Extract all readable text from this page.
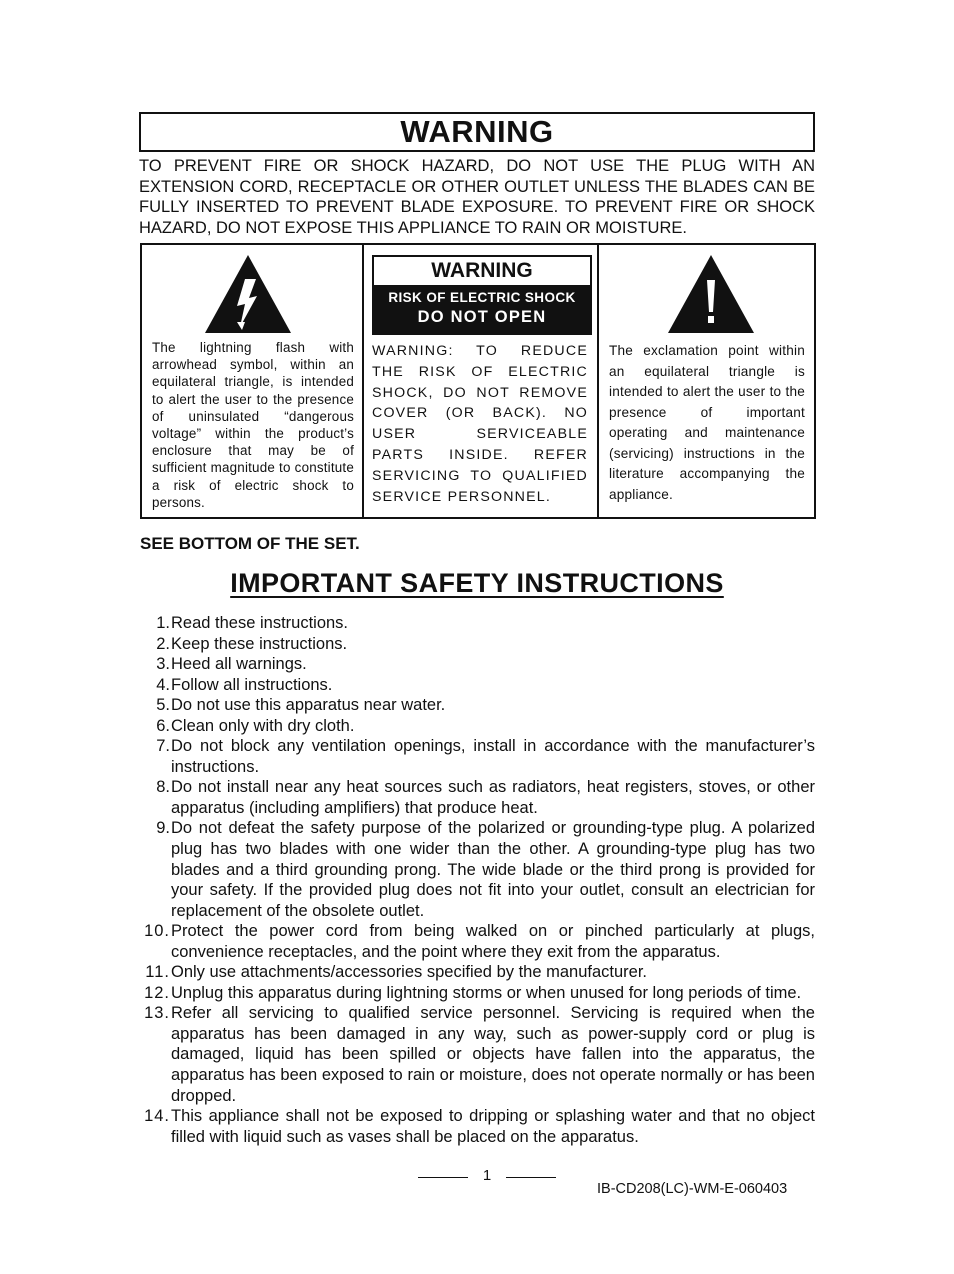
WARNING
TO PREVENT FIRE OR SHOCK HAZARD, DO NOT USE THE PLUG WITH AN EXTENSION CORD, RECEPTACLE OR OTHER OUTLET UNLESS THE BLADES CAN BE FULLY INSERTED TO PREVENT BLADE EXPOSURE. TO PREVENT FIRE OR SHOCK HAZARD, DO NOT EXPOSE THIS APPLIANCE TO RAIN OR MOISTURE.
The lightning flash with arrowhead symbol, within an equilateral triangle, is intended to alert the user to the presence of uninsulated “dangerous voltage” within the product’s enclosure that may be of sufficient magnitude to constitute a risk of electric shock to persons.
WARNING
RISK OF ELECTRIC SHOCK
DO NOT OPEN
WARNING: TO REDUCE THE RISK OF ELECTRIC SHOCK, DO NOT REMOVE COVER (OR BACK). NO USER SERVICEABLE PARTS INSIDE. REFER SERVICING TO QUALIFIED SERVICE PERSONNEL.
The exclamation point within an equilateral triangle is intended to alert the user to the presence of important operating and maintenance (servicing) instructions in the literature accompanying the appliance.
SEE BOTTOM OF THE SET.
IMPORTANT SAFETY INSTRUCTIONS
1. Read these instructions.
2. Keep these instructions.
3. Heed all warnings.
4. Follow all instructions.
5. Do not use this apparatus near water.
6. Clean only with dry cloth.
7. Do not block any ventilation openings, install in accordance with the manufacturer’s instructions.
8. Do not install near any heat sources such as radiators, heat registers, stoves, or other apparatus (including amplifiers) that produce heat.
9. Do not defeat the safety purpose of the polarized or grounding-type plug. A polarized plug has two blades with one wider than the other. A grounding-type plug has two blades and a third grounding prong. The wide blade or the third prong is provided for your safety. If the provided plug does not fit into your outlet, consult an electrician for replacement of the obsolete outlet.
10. Protect the power cord from being walked on or pinched particularly at plugs, convenience receptacles, and the point where they exit from the apparatus.
11. Only use attachments/accessories specified by the manufacturer.
12. Unplug this apparatus during lightning storms or when unused for long periods of time.
13. Refer all servicing to qualified service personnel. Servicing is required when the apparatus has been damaged in any way, such as power-supply cord or plug is damaged, liquid has been spilled or objects have fallen into the apparatus, the apparatus has been exposed to rain or moisture, does not operate normally or has been dropped.
14. This appliance shall not be exposed to dripping or splashing water and that no object filled with liquid such as vases shall be placed on the apparatus.
1
IB-CD208(LC)-WM-E-060403
